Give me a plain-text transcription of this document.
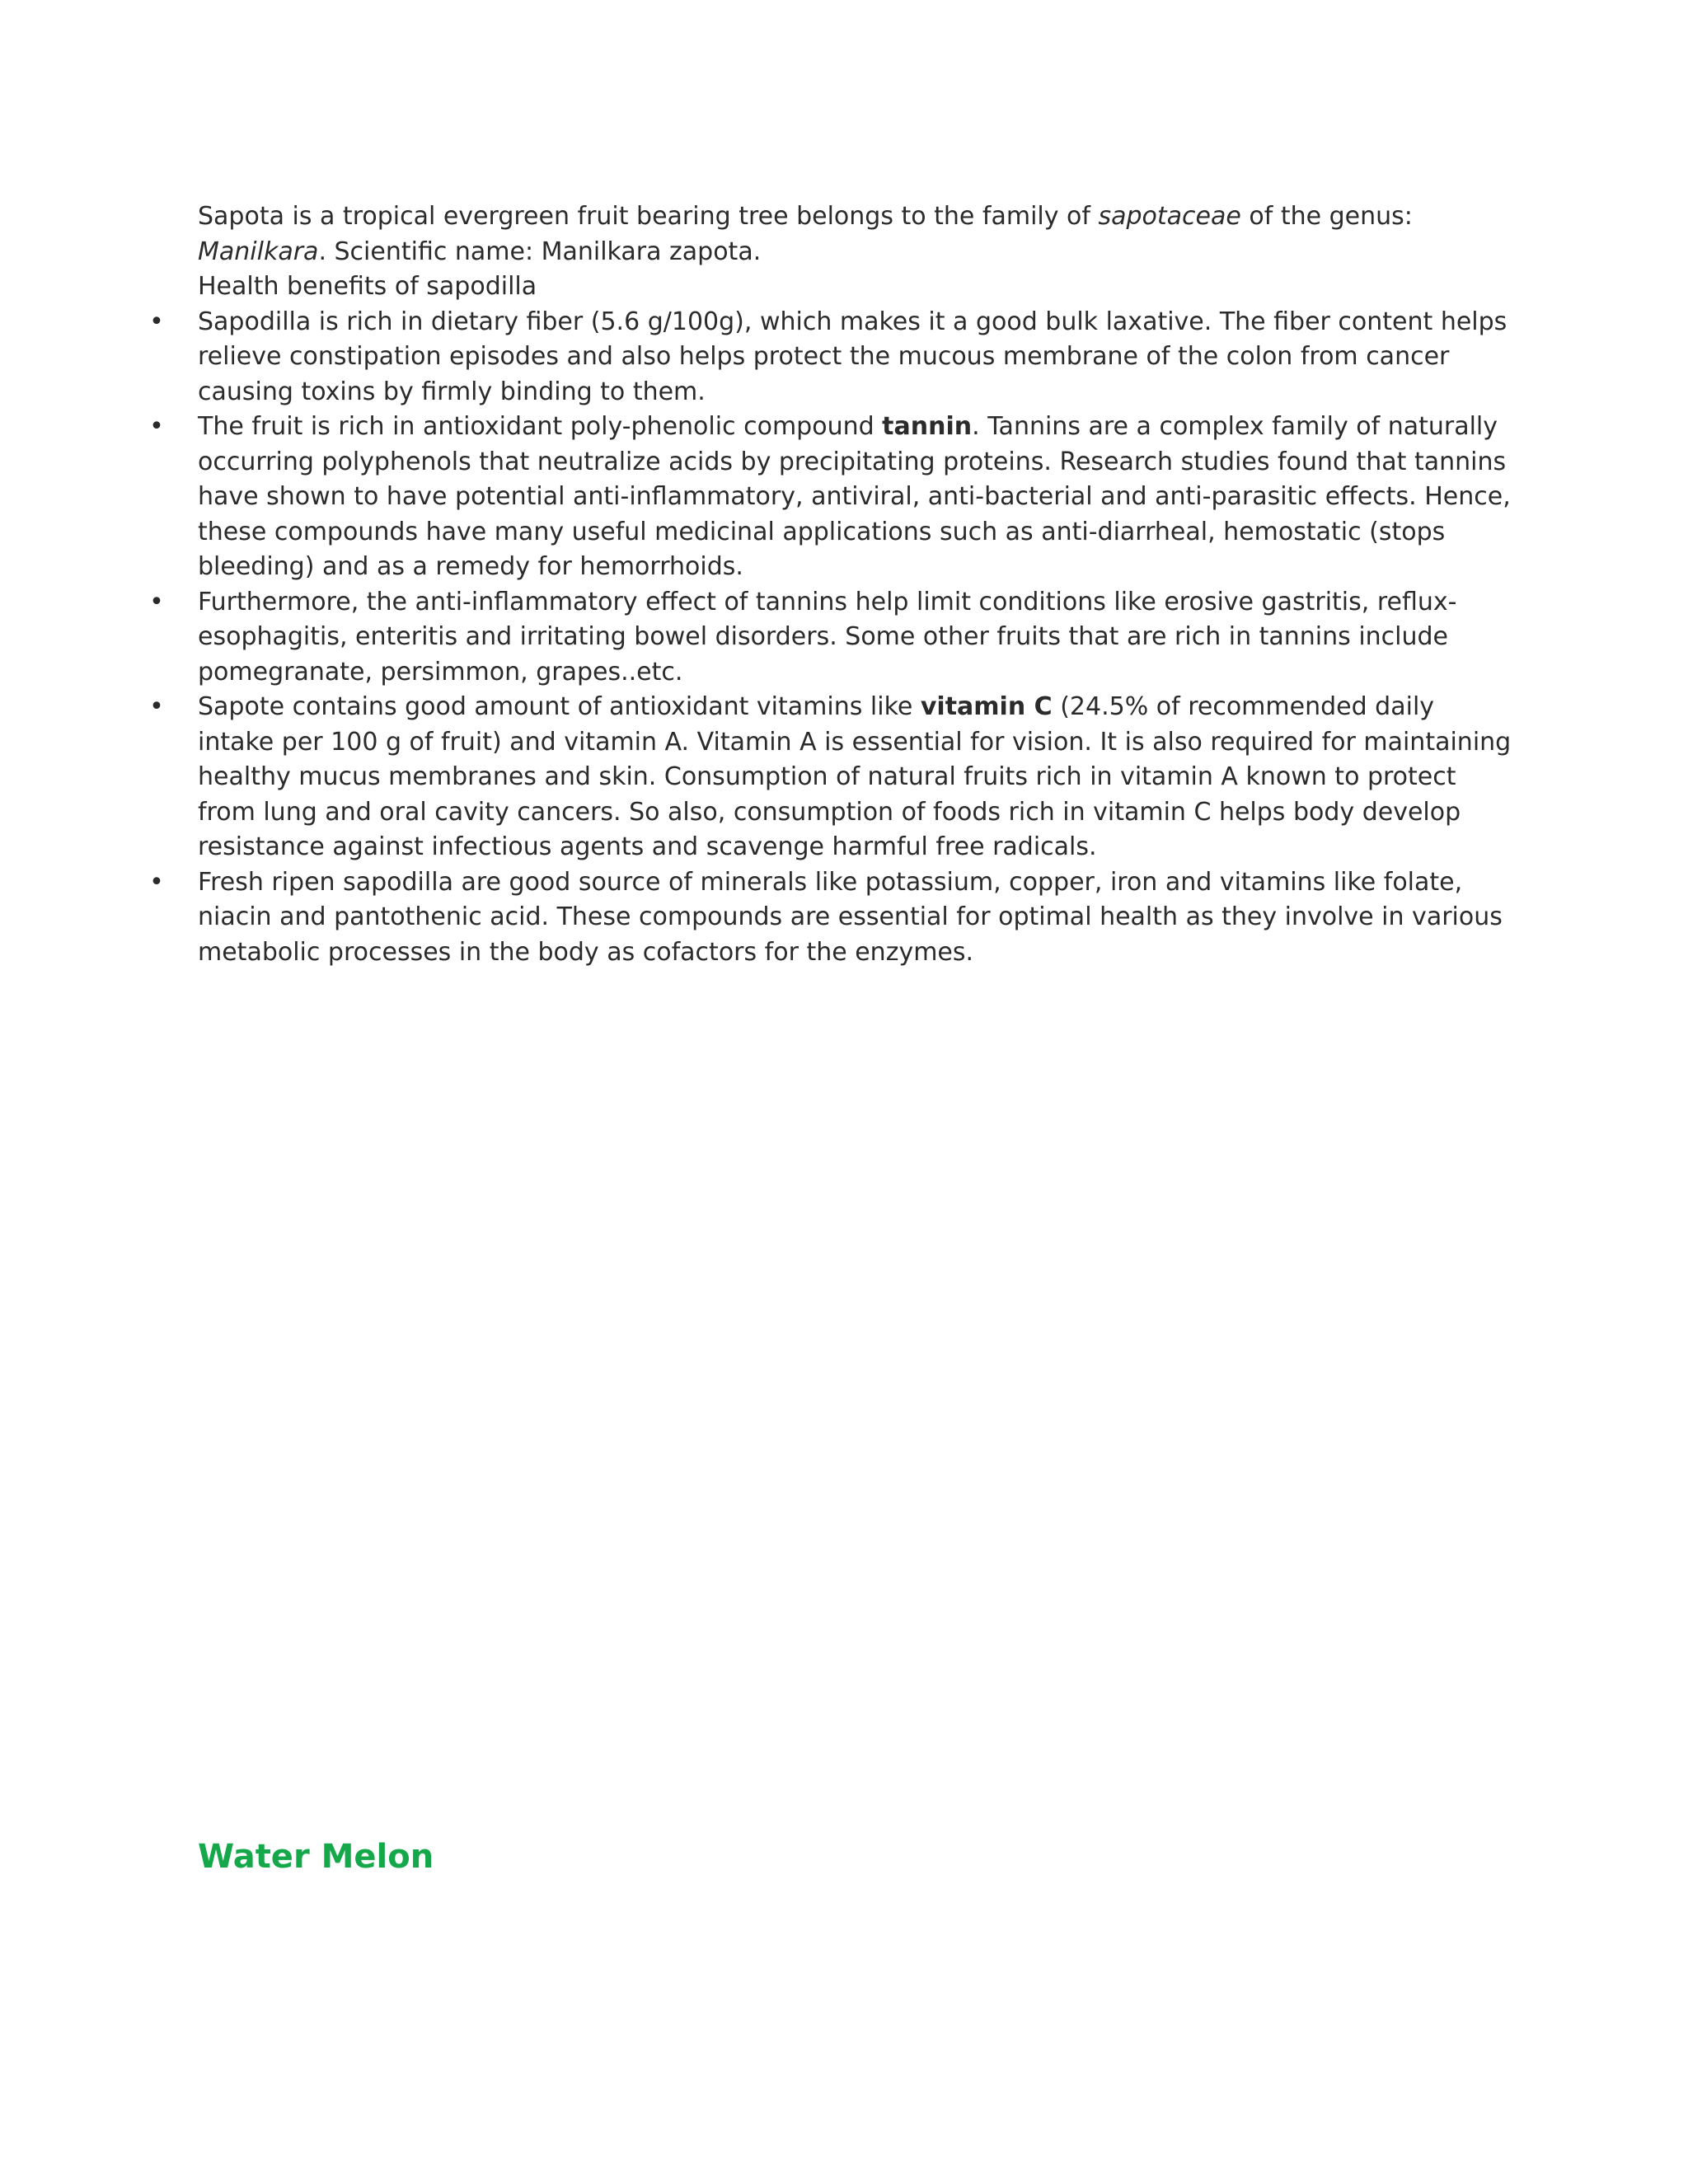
Sapota is a tropical evergreen fruit bearing tree belongs to the family of sapotaceae of the genus: Manilkara. Scientific name: Manilkara zapota.

Health benefits of sapodilla

• Sapodilla is rich in dietary fiber (5.6 g/100g), which makes it a good bulk laxative. The fiber content helps relieve constipation episodes and also helps protect the mucous membrane of the colon from cancer causing toxins by firmly binding to them.
• The fruit is rich in antioxidant poly-phenolic compound tannin. Tannins are a complex family of naturally occurring polyphenols that neutralize acids by precipitating proteins. Research studies found that tannins have shown to have potential anti-inflammatory, antiviral, anti-bacterial and anti-parasitic effects. Hence, these compounds have many useful medicinal applications such as anti-diarrheal, hemostatic (stops bleeding) and as a remedy for hemorrhoids.
• Furthermore, the anti-inflammatory effect of tannins help limit conditions like erosive gastritis, reflux-esophagitis, enteritis and irritating bowel disorders. Some other fruits that are rich in tannins include pomegranate, persimmon, grapes..etc.
• Sapote contains good amount of antioxidant vitamins like vitamin C (24.5% of recommended daily intake per 100 g of fruit) and vitamin A. Vitamin A is essential for vision. It is also required for maintaining healthy mucus membranes and skin. Consumption of natural fruits rich in vitamin A known to protect from lung and oral cavity cancers. So also, consumption of foods rich in vitamin C helps body develop resistance against infectious agents and scavenge harmful free radicals.
• Fresh ripen sapodilla are good source of minerals like potassium, copper, iron and vitamins like folate, niacin and pantothenic acid. These compounds are essential for optimal health as they involve in various metabolic processes in the body as cofactors for the enzymes.
Water Melon
